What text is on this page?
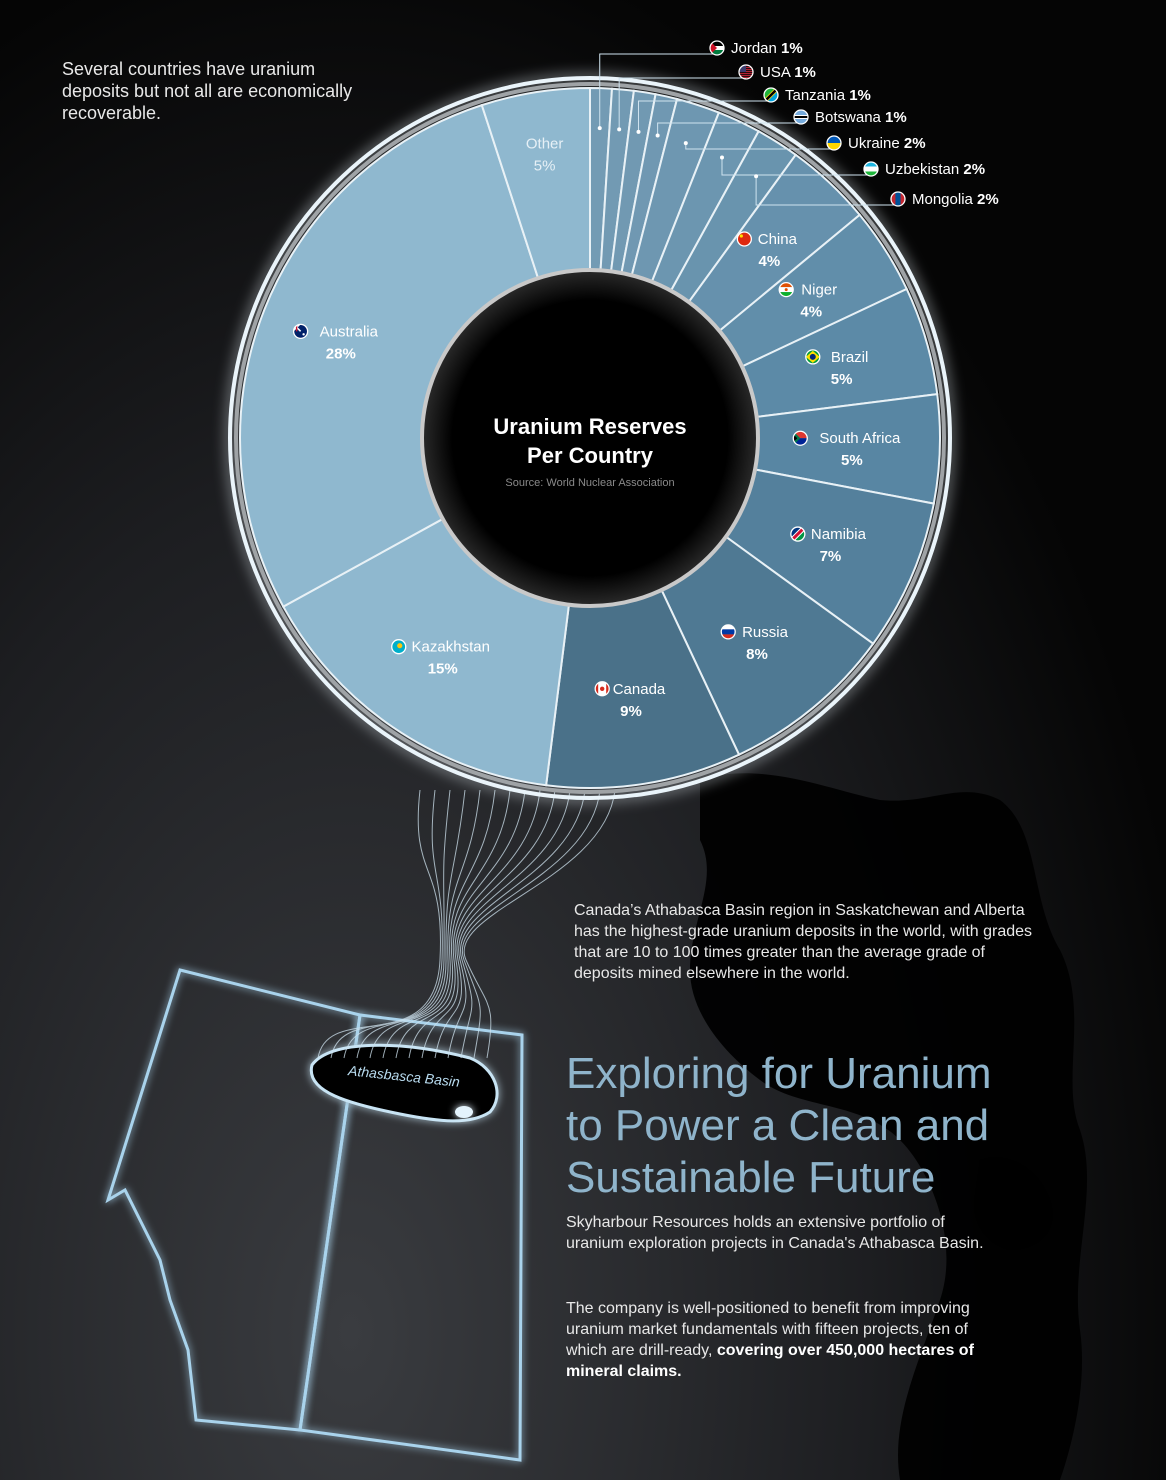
Uranium Reserves
Per Country
Source: World Nuclear Association
Jordan 1%
USA 1%
Tanzania 1%
Botswana 1%
Ukraine 2%
Uzbekistan 2%
Mongolia 2%
China
4%
Niger
4%
Brazil
5%
South Africa
5%
Namibia
7%
Russia
8%
Canada
9%
Kazakhstan
15%
Australia
28%
Other
5%

Several countries have uranium deposits but not all are economically recoverable.

Canada’s Athabasca Basin region in Saskatchewan and Alberta has the highest-grade uranium deposits in the world, with grades that are 10 to 100 times greater than the average grade of deposits mined elsewhere in the world.

Athasbasca Basin Exploring for Uranium
to Power a Clean and
Sustainable Future

Skyharbour Resources holds an extensive portfolio of uranium exploration projects in Canada's Athabasca Basin.

The company is well-positioned to benefit from improving uranium market fundamentals with fifteen projects, ten of which are drill-ready, covering over 450,000 hectares of mineral claims.
